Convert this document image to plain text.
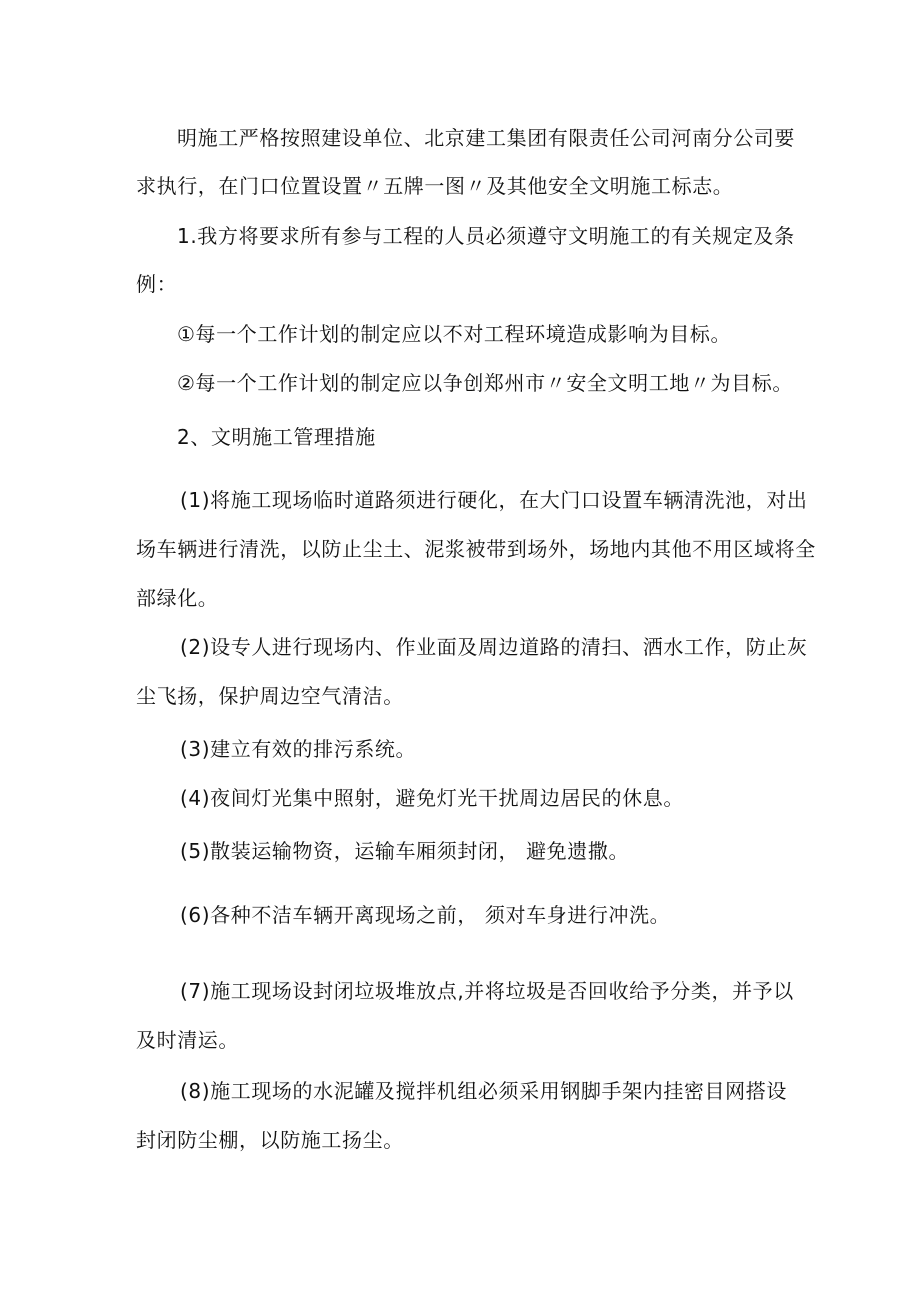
明施工严格按照建设单位、北京建工集团有限责任公司河南分公司要
求执行，在门口位置设置〃五牌一图〃及其他安全文明施工标志。
1.我方将要求所有参与工程的人员必须遵守文明施工的有关规定及条
例：
①每一个工作计划的制定应以不对工程环境造成影响为目标。
②每一个工作计划的制定应以争创郑州市〃安全文明工地〃为目标。
2、文明施工管理措施
(1)将施工现场临时道路须进行硬化，在大门口设置车辆清洗池，对出
场车辆进行清洗，以防止尘土、泥浆被带到场外，场地内其他不用区域将全
部绿化。
(2)设专人进行现场内、作业面及周边道路的清扫、洒水工作，防止灰
尘飞扬，保护周边空气清洁。
(3)建立有效的排污系统。
(4)夜间灯光集中照射，避免灯光干扰周边居民的休息。
(5)散装运输物资，运输车厢须封闭， 避免遗撒。
(6)各种不洁车辆开离现场之前， 须对车身进行冲洗。
(7)施工现场设封闭垃圾堆放点,并将垃圾是否回收给予分类，并予以
及时清运。
(8)施工现场的水泥罐及搅拌机组必须采用钢脚手架内挂密目网搭设
封闭防尘棚，以防施工扬尘。
